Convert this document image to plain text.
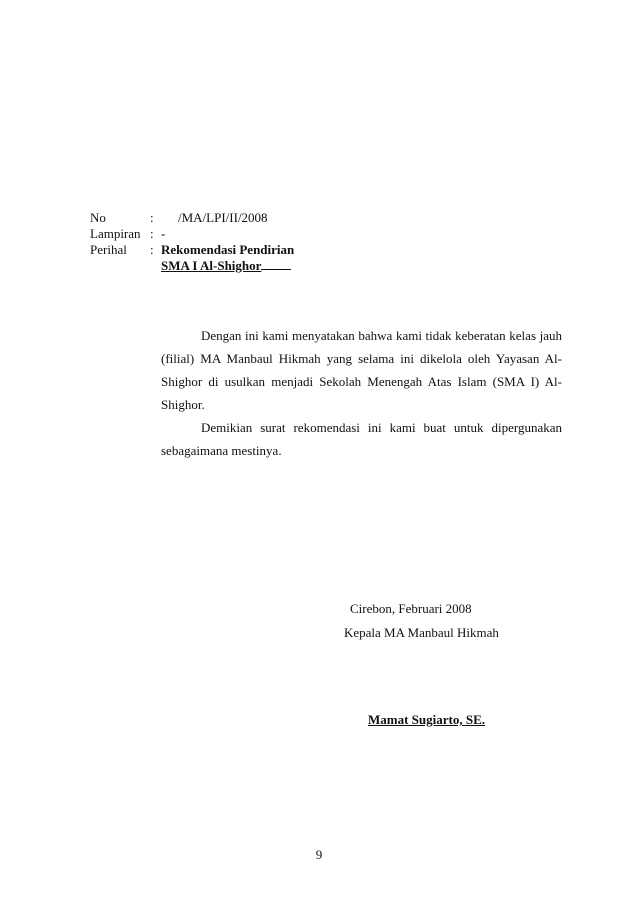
No	: /MA/LPI/II/2008
Lampiran : -
Perihal : Rekomendasi Pendirian
SMA I Al-Shighor

Dengan ini kami menyatakan bahwa kami tidak keberatan kelas jauh (filial) MA Manbaul Hikmah yang selama ini dikelola oleh Yayasan Al-Shighor di usulkan menjadi Sekolah Menengah Atas Islam (SMA I) Al-Shighor.

Demikian surat rekomendasi ini kami buat untuk dipergunakan sebagaimana mestinya.

Cirebon, Februari 2008
Kepala MA Manbaul Hikmah
Mamat Sugiarto, SE.
9
